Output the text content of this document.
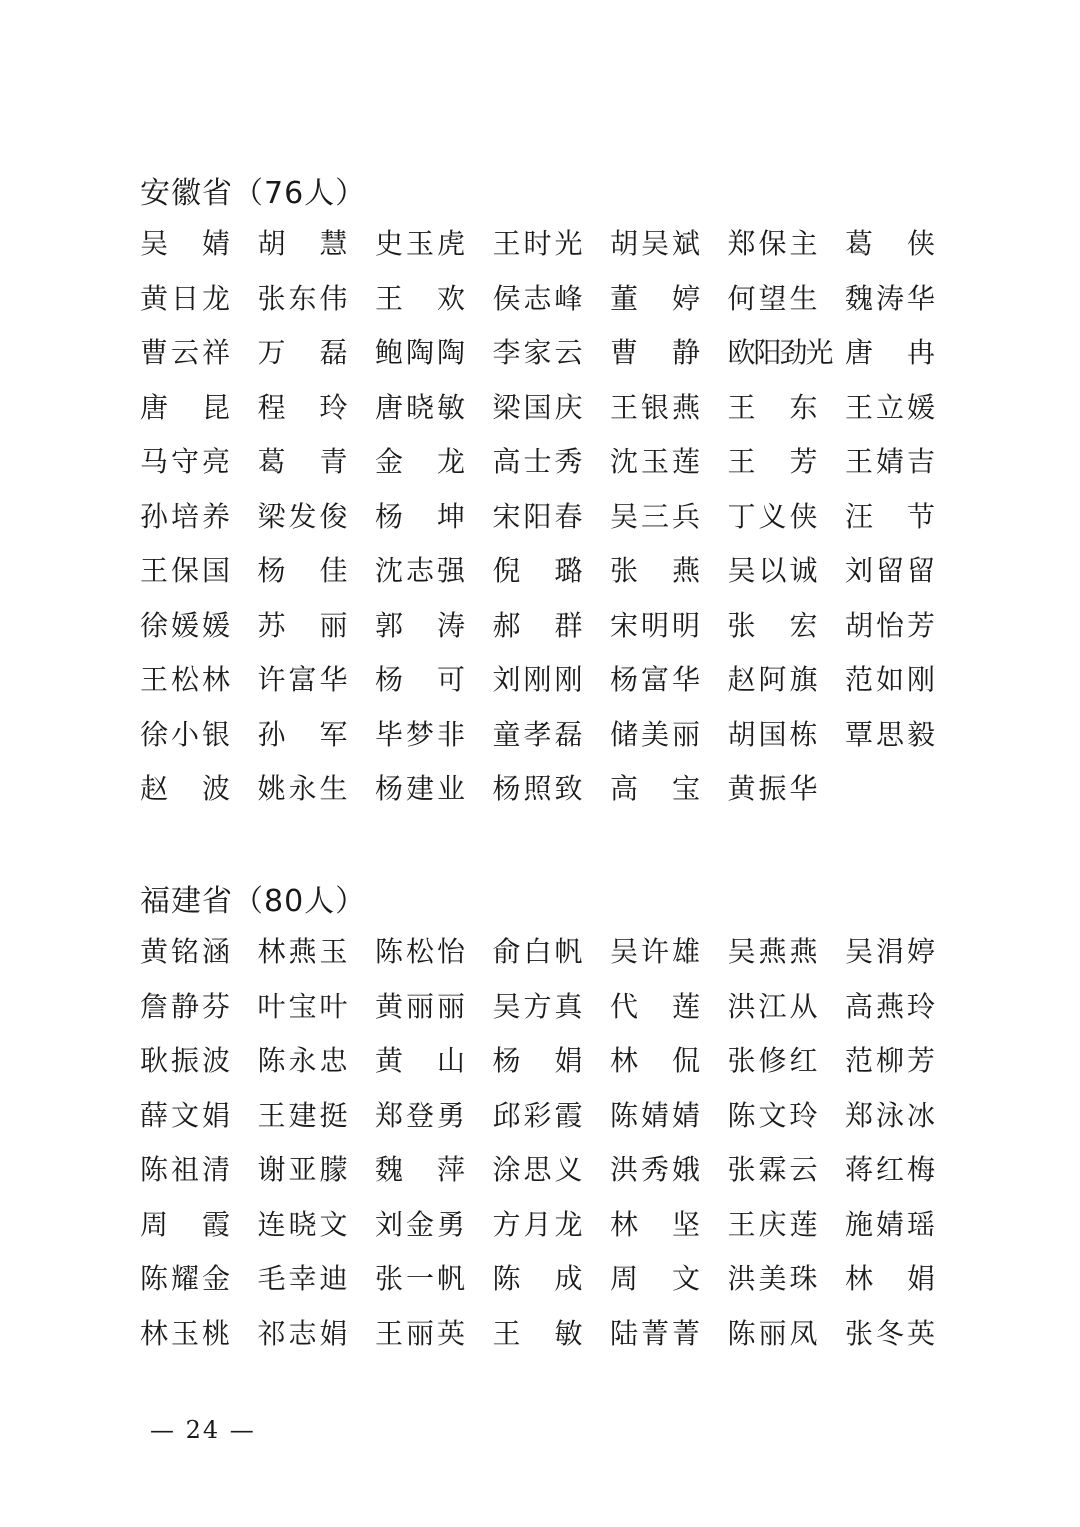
安徽省（76人）
吴 婧 胡 慧 史 玉 虎 王 时 光 胡 吴 斌 郑 保 主 葛 侠
黄 日 龙 张 东 伟 王 欢 侯 志 峰 董 婷 何 望 生 魏 涛 华
曹 云 祥 万 磊 鲍 陶 陶 李 家 云 曹 静 欧 阳 劲 光 唐 冉
唐 昆 程 玲 唐 晓 敏 梁 国 庆 王 银 燕 王 东 王 立 媛
马 守 亮 葛 青 金 龙 高 士 秀 沈 玉 莲 王 芳 王 婧 吉
孙 培 养 梁 发 俊 杨 坤 宋 阳 春 吴 三 兵 丁 义 侠 汪 节
王 保 国 杨 佳 沈 志 强 倪 璐 张 燕 吴 以 诚 刘 留 留
徐 媛 媛 苏 丽 郭 涛 郝 群 宋 明 明 张 宏 胡 怡 芳
王 松 林 许 富 华 杨 可 刘 刚 刚 杨 富 华 赵 阿 旗 范 如 刚
徐 小 银 孙 军 毕 梦 非 童 孝 磊 储 美 丽 胡 国 栋 覃 思 毅
赵 波 姚 永 生 杨 建 业 杨 照 致 高 宝 黄 振 华
福建省（80人）
黄 铭 涵 林 燕 玉 陈 松 怡 俞 白 帆 吴 许 雄 吴 燕 燕 吴 涓 婷
詹 静 芬 叶 宝 叶 黄 丽 丽 吴 方 真 代 莲 洪 江 从 高 燕 玲
耿 振 波 陈 永 忠 黄 山 杨 娟 林 侃 张 修 红 范 柳 芳
薛 文 娟 王 建 挺 郑 登 勇 邱 彩 霞 陈 婧 婧 陈 文 玲 郑 泳 冰
陈 祖 清 谢 亚 朦 魏 萍 涂 思 义 洪 秀 娥 张 霖 云 蒋 红 梅
周 霞 连 晓 文 刘 金 勇 方 月 龙 林 坚 王 庆 莲 施 婧 瑶
陈 耀 金 毛 幸 迪 张 一 帆 陈 成 周 文 洪 美 珠 林 娟
林 玉 桃 祁 志 娟 王 丽 英 王 敏 陆 菁 菁 陈 丽 凤 张 冬 英
— 24 —
